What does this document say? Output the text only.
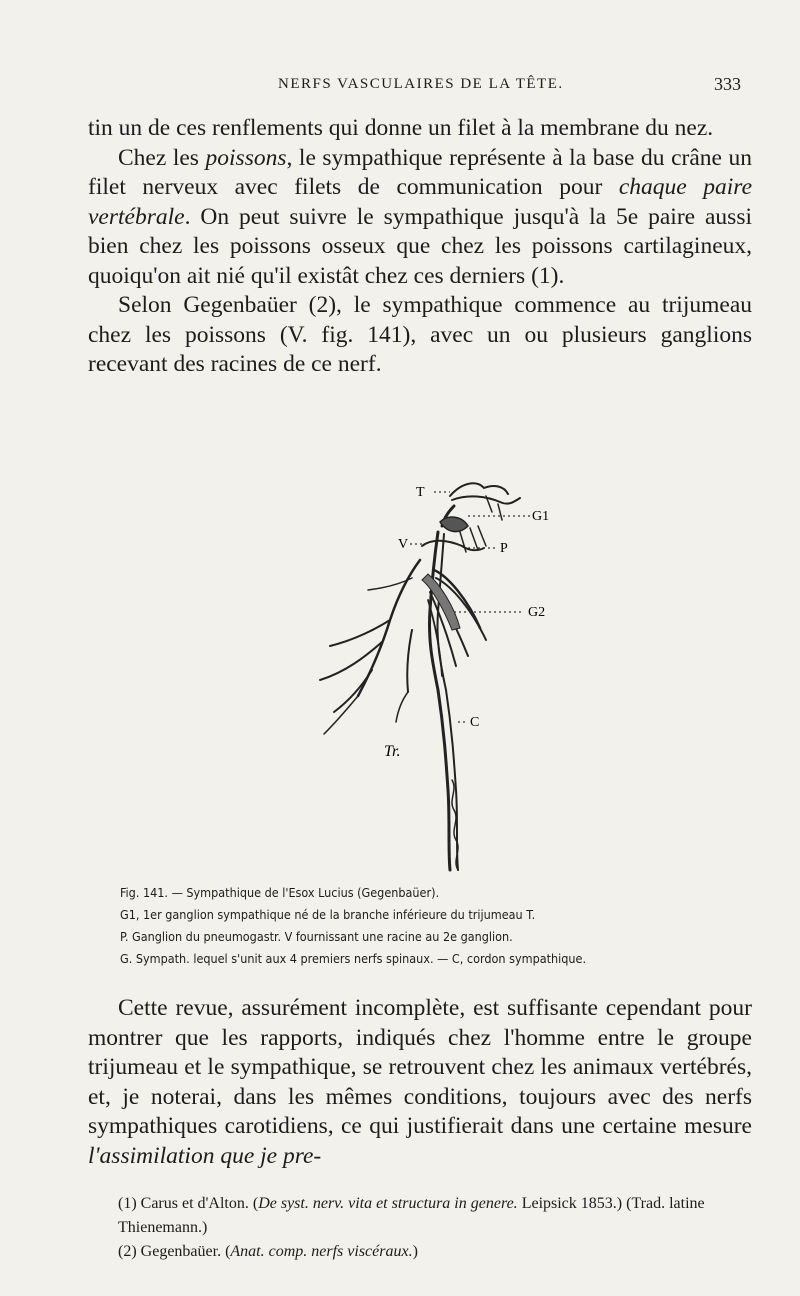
NERFS VASCULAIRES DE LA TÊTE.	333

tin un de ces renflements qui donne un filet à la membrane du nez.

Chez les poissons, le sympathique représente à la base du crâne un filet nerveux avec filets de communication pour chaque paire vertébrale. On peut suivre le sympathique jusqu'à la 5e paire aussi bien chez les poissons osseux que chez les poissons cartilagineux, quoiqu'on ait nié qu'il existât chez ces derniers (1).

Selon Gegenbaüer (2), le sympathique commence au trijumeau chez les poissons (V. fig. 141), avec un ou plusieurs ganglions recevant des racines de ce nerf.

T
G1
V	P
G2
C
Tr.
Fig. 141. — Sympathique de l'Esox Lucius (Gegenbaüer).
G1, 1er ganglion sympathique né de la branche inférieure du trijumeau T.
P. Ganglion du pneumogastr. V fournissant une racine au 2e ganglion.
G. Sympath. lequel s'unit aux 4 premiers nerfs spinaux. — C, cordon sympathique.

Cette revue, assurément incomplète, est suffisante cependant pour montrer que les rapports, indiqués chez l'homme entre le groupe trijumeau et le sympathique, se retrouvent chez les animaux vertébrés, et, je noterai, dans les mêmes conditions, toujours avec des nerfs sympathiques carotidiens, ce qui justifierait dans une certaine mesure l'assimilation que je pre-

(1) Carus et d'Alton. (De syst. nerv. vita et structura in genere. Leipsick 1853.) (Trad. latine Thienemann.)

(2) Gegenbaüer. (Anat. comp. nerfs viscéraux.)
